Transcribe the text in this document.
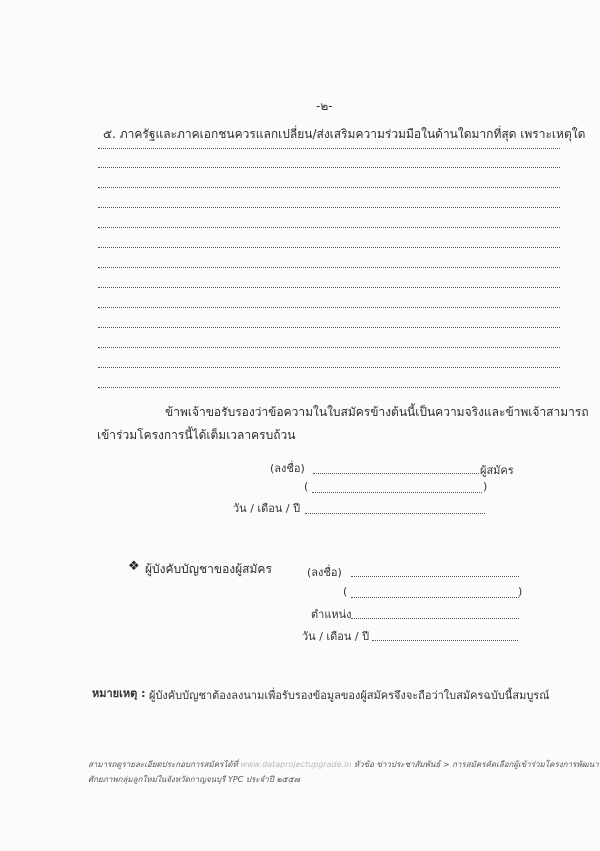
-๒-
๕. ภาครัฐและภาคเอกชนควรแลกเปลี่ยน/ส่งเสริมความร่วมมือในด้านใดมากที่สุด เพราะเหตุใด
ข้าพเจ้าขอรับรองว่าข้อความในใบสมัครข้างต้นนี้เป็นความจริงและข้าพเจ้าสามารถ
เข้าร่วมโครงการนี้ได้เต็มเวลาครบถ้วน
(ลงชื่อ)	ผู้สมัคร
(	)
วัน / เดือน / ปี
❖ ผู้บังคับบัญชาของผู้สมัคร	(ลงชื่อ)
(	)
ตำแหน่ง
วัน / เดือน / ปี
หมายเหตุ : ผู้บังคับบัญชาต้องลงนามเพื่อรับรองข้อมูลของผู้สมัครจึงจะถือว่าใบสมัครฉบับนี้สมบูรณ์
สามารถดูรายละเอียดประกอบการสมัครได้ที่ www.dataprojectupgrade.in หัวข้อ ข่าวประชาสัมพันธ์ > การสมัครคัดเลือกผู้เข้าร่วมโครงการพัฒนา
ศักยภาพกลุ่มลูกใหม่ในจังหวัดกาญจนบุรี YPC ประจำปี ๒๕๕๗
